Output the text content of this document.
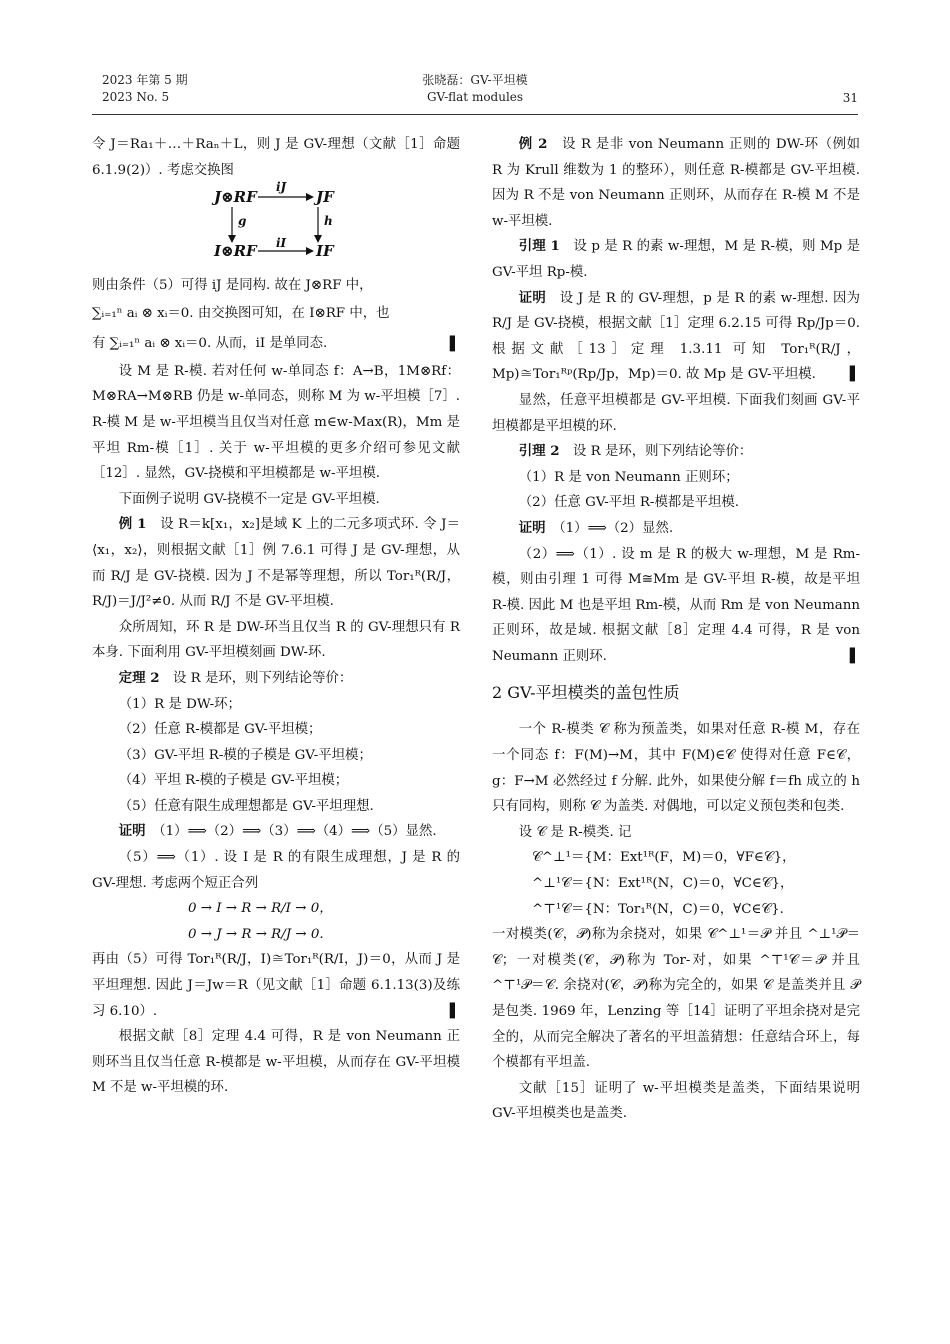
2023 年第 5 期
2023 No. 5
张晓磊：GV-平坦模
GV-flat modules	31

令 J＝Ra₁＋…＋Raₙ＋L，则 J 是 GV-理想（文献［1］命题 6.1.9(2)）. 考虑交换图

J⊗RF	JF
I⊗RF	IF
iJ
iI
g	h

则由条件（5）可得 iJ 是同构. 故在 J⊗RF 中，

∑ᵢ₌₁ⁿ aᵢ ⊗ xᵢ＝0. 由交换图可知，在 I⊗RF 中，也

有 ∑ᵢ₌₁ⁿ aᵢ ⊗ xᵢ＝0. 从而，iI 是单同态.	▌

设 M 是 R-模. 若对任何 w-单同态 f：A→B，1M⊗Rf：M⊗RA→M⊗RB 仍是 w-单同态，则称 M 为 w-平坦模［7］. R-模 M 是 w-平坦模当且仅当对任意 m∈w-Max(R)，Mm 是平坦 Rm-模［1］. 关于 w-平坦模的更多介绍可参见文献［12］. 显然，GV-挠模和平坦模都是 w-平坦模.

下面例子说明 GV-挠模不一定是 GV-平坦模.

例 1　 设 R＝k[x₁，x₂]是域 K 上的二元多项式环. 令 J＝⟨x₁，x₂⟩，则根据文献［1］例 7.6.1 可得 J 是 GV-理想，从而 R/J 是 GV-挠模. 因为 J 不是幂等理想，所以 Tor₁ᴿ(R/J，R/J)＝J/J²≠0. 从而 R/J 不是 GV-平坦模.

众所周知，环 R 是 DW-环当且仅当 R 的 GV-理想只有 R 本身. 下面利用 GV-平坦模刻画 DW-环.

定理 2　 设 R 是环，则下列结论等价：

（1）R 是 DW-环；

（2）任意 R-模都是 GV-平坦模；

（3）GV-平坦 R-模的子模是 GV-平坦模；

（4）平坦 R-模的子模是 GV-平坦模；

（5）任意有限生成理想都是 GV-平坦理想.

证明　 （1）⟹（2）⟹（3）⟹（4）⟹（5）显然.

（5）⟹（1）. 设 I 是 R 的有限生成理想，J 是 R 的 GV-理想. 考虑两个短正合列

0 → I → R → R/I → 0，

0 → J → R → R/J → 0.

再由（5）可得 Tor₁ᴿ(R/J，I)≅Tor₁ᴿ(R/I，J)＝0，从而 J 是平坦理想. 因此 J＝Jw＝R（见文献［1］命题 6.1.13(3)及练习 6.10）.	▌

根据文献［8］定理 4.4 可得，R 是 von Neumann 正则环当且仅当任意 R-模都是 w-平坦模，从而存在 GV-平坦模 M 不是 w-平坦模的环.

例 2　 设 R 是非 von Neumann 正则的 DW-环（例如 R 为 Krull 维数为 1 的整环），则任意 R-模都是 GV-平坦模. 因为 R 不是 von Neumann 正则环，从而存在 R-模 M 不是 w-平坦模.

引理 1　 设 p 是 R 的素 w-理想，M 是 R-模，则 Mp 是 GV-平坦 Rp-模.

证明　 设 J 是 R 的 GV-理想，p 是 R 的素 w-理想. 因为 R/J 是 GV-挠模，根据文献［1］定理 6.2.15 可得 Rp/Jp＝0. 根据文献［13］定理 1.3.11 可知 Tor₁ᴿ(R/J，Mp)≅Tor₁ᴿᵖ(Rp/Jp，Mp)＝0. 故 Mp 是 GV-平坦模.	▌

显然，任意平坦模都是 GV-平坦模. 下面我们刻画 GV-平坦模都是平坦模的环.

引理 2　 设 R 是环，则下列结论等价：

（1）R 是 von Neumann 正则环；

（2）任意 GV-平坦 R-模都是平坦模.

证明　 （1）⟹（2）显然.

（2）⟹（1）. 设 m 是 R 的极大 w-理想，M 是 Rm-模，则由引理 1 可得 M≅Mm 是 GV-平坦 R-模，故是平坦 R-模. 因此 M 也是平坦 Rm-模，从而 Rm 是 von Neumann 正则环，故是域. 根据文献［8］定理 4.4 可得，R 是 von Neumann 正则环.	▌

2 GV-平坦模类的盖包性质

一个 R-模类 𝒞 称为预盖类，如果对任意 R-模 M，存在一个同态 f：F(M)→M，其中 F(M)∈𝒞 使得对任意 F∈𝒞，g：F→M 必然经过 f 分解. 此外，如果使分解 f＝fh 成立的 h 只有同构，则称 𝒞 为盖类. 对偶地，可以定义预包类和包类.

设 𝒞 是 R-模类. 记

𝒞^⊥¹＝{M：Ext¹ᴿ(F，M)＝0，∀F∈𝒞}，

^⊥¹𝒞＝{N：Ext¹ᴿ(N，C)＝0，∀C∈𝒞}，

^⊤¹𝒞＝{N：Tor₁ᴿ(N，C)＝0，∀C∈𝒞}.

一对模类(𝒞，𝒫)称为余挠对，如果 𝒞^⊥¹＝𝒫 并且 ^⊥¹𝒫＝𝒞；一对模类(𝒞，𝒫)称为 Tor-对，如果 ^⊤¹𝒞＝𝒫 并且 ^⊤¹𝒫＝𝒞. 余挠对(𝒞，𝒫)称为完全的，如果 𝒞 是盖类并且 𝒫 是包类. 1969 年，Lenzing 等［14］证明了平坦余挠对是完全的，从而完全解决了著名的平坦盖猜想：任意结合环上，每个模都有平坦盖.

文献［15］证明了 w-平坦模类是盖类，下面结果说明 GV-平坦模类也是盖类.
